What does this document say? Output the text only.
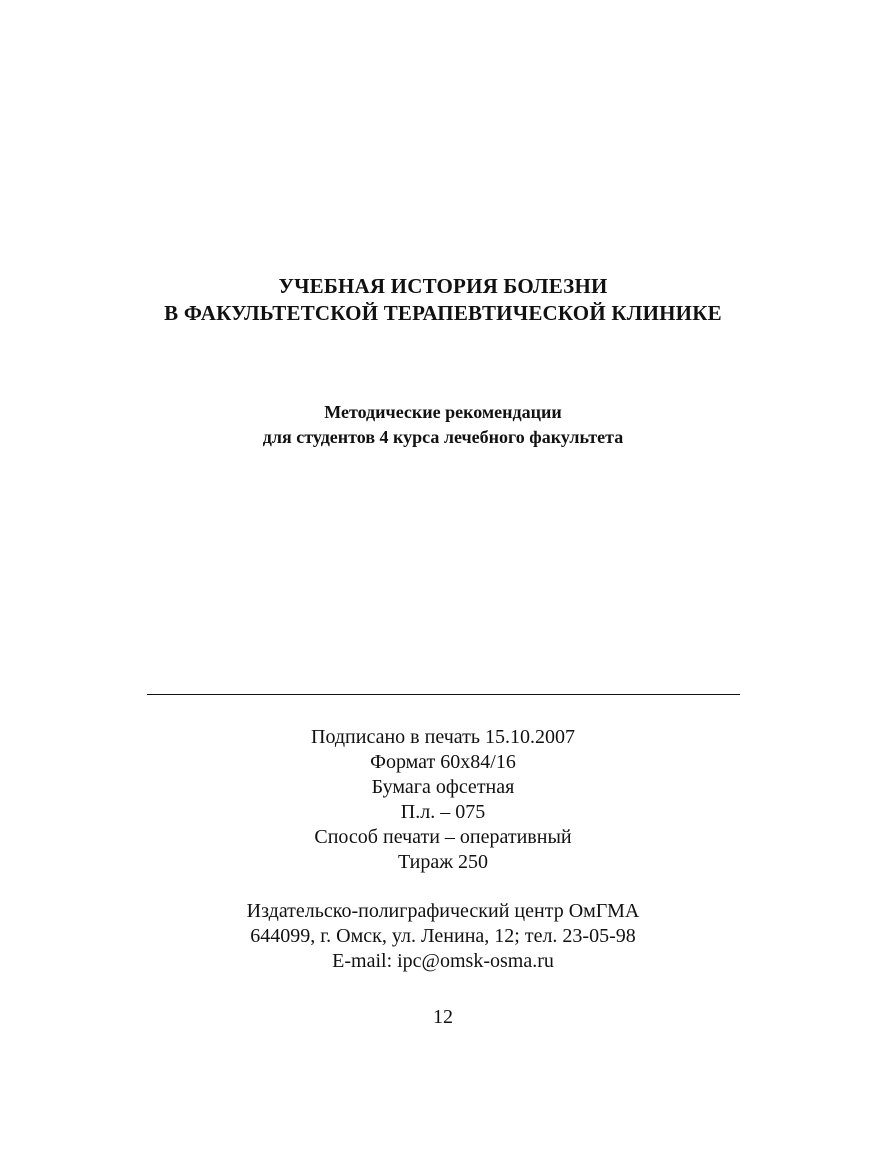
УЧЕБНАЯ ИСТОРИЯ БОЛЕЗНИ
В ФАКУЛЬТЕТСКОЙ ТЕРАПЕВТИЧЕСКОЙ КЛИНИКЕ
Методические рекомендации
для студентов 4 курса лечебного факультета
Подписано в печать 15.10.2007
Формат 60х84/16
Бумага офсетная
П.л. – 075
Способ печати – оперативный
Тираж 250
Издательско-полиграфический центр ОмГМА
644099, г. Омск, ул. Ленина, 12; тел. 23-05-98
E-mail: ipc@omsk-osma.ru
12
